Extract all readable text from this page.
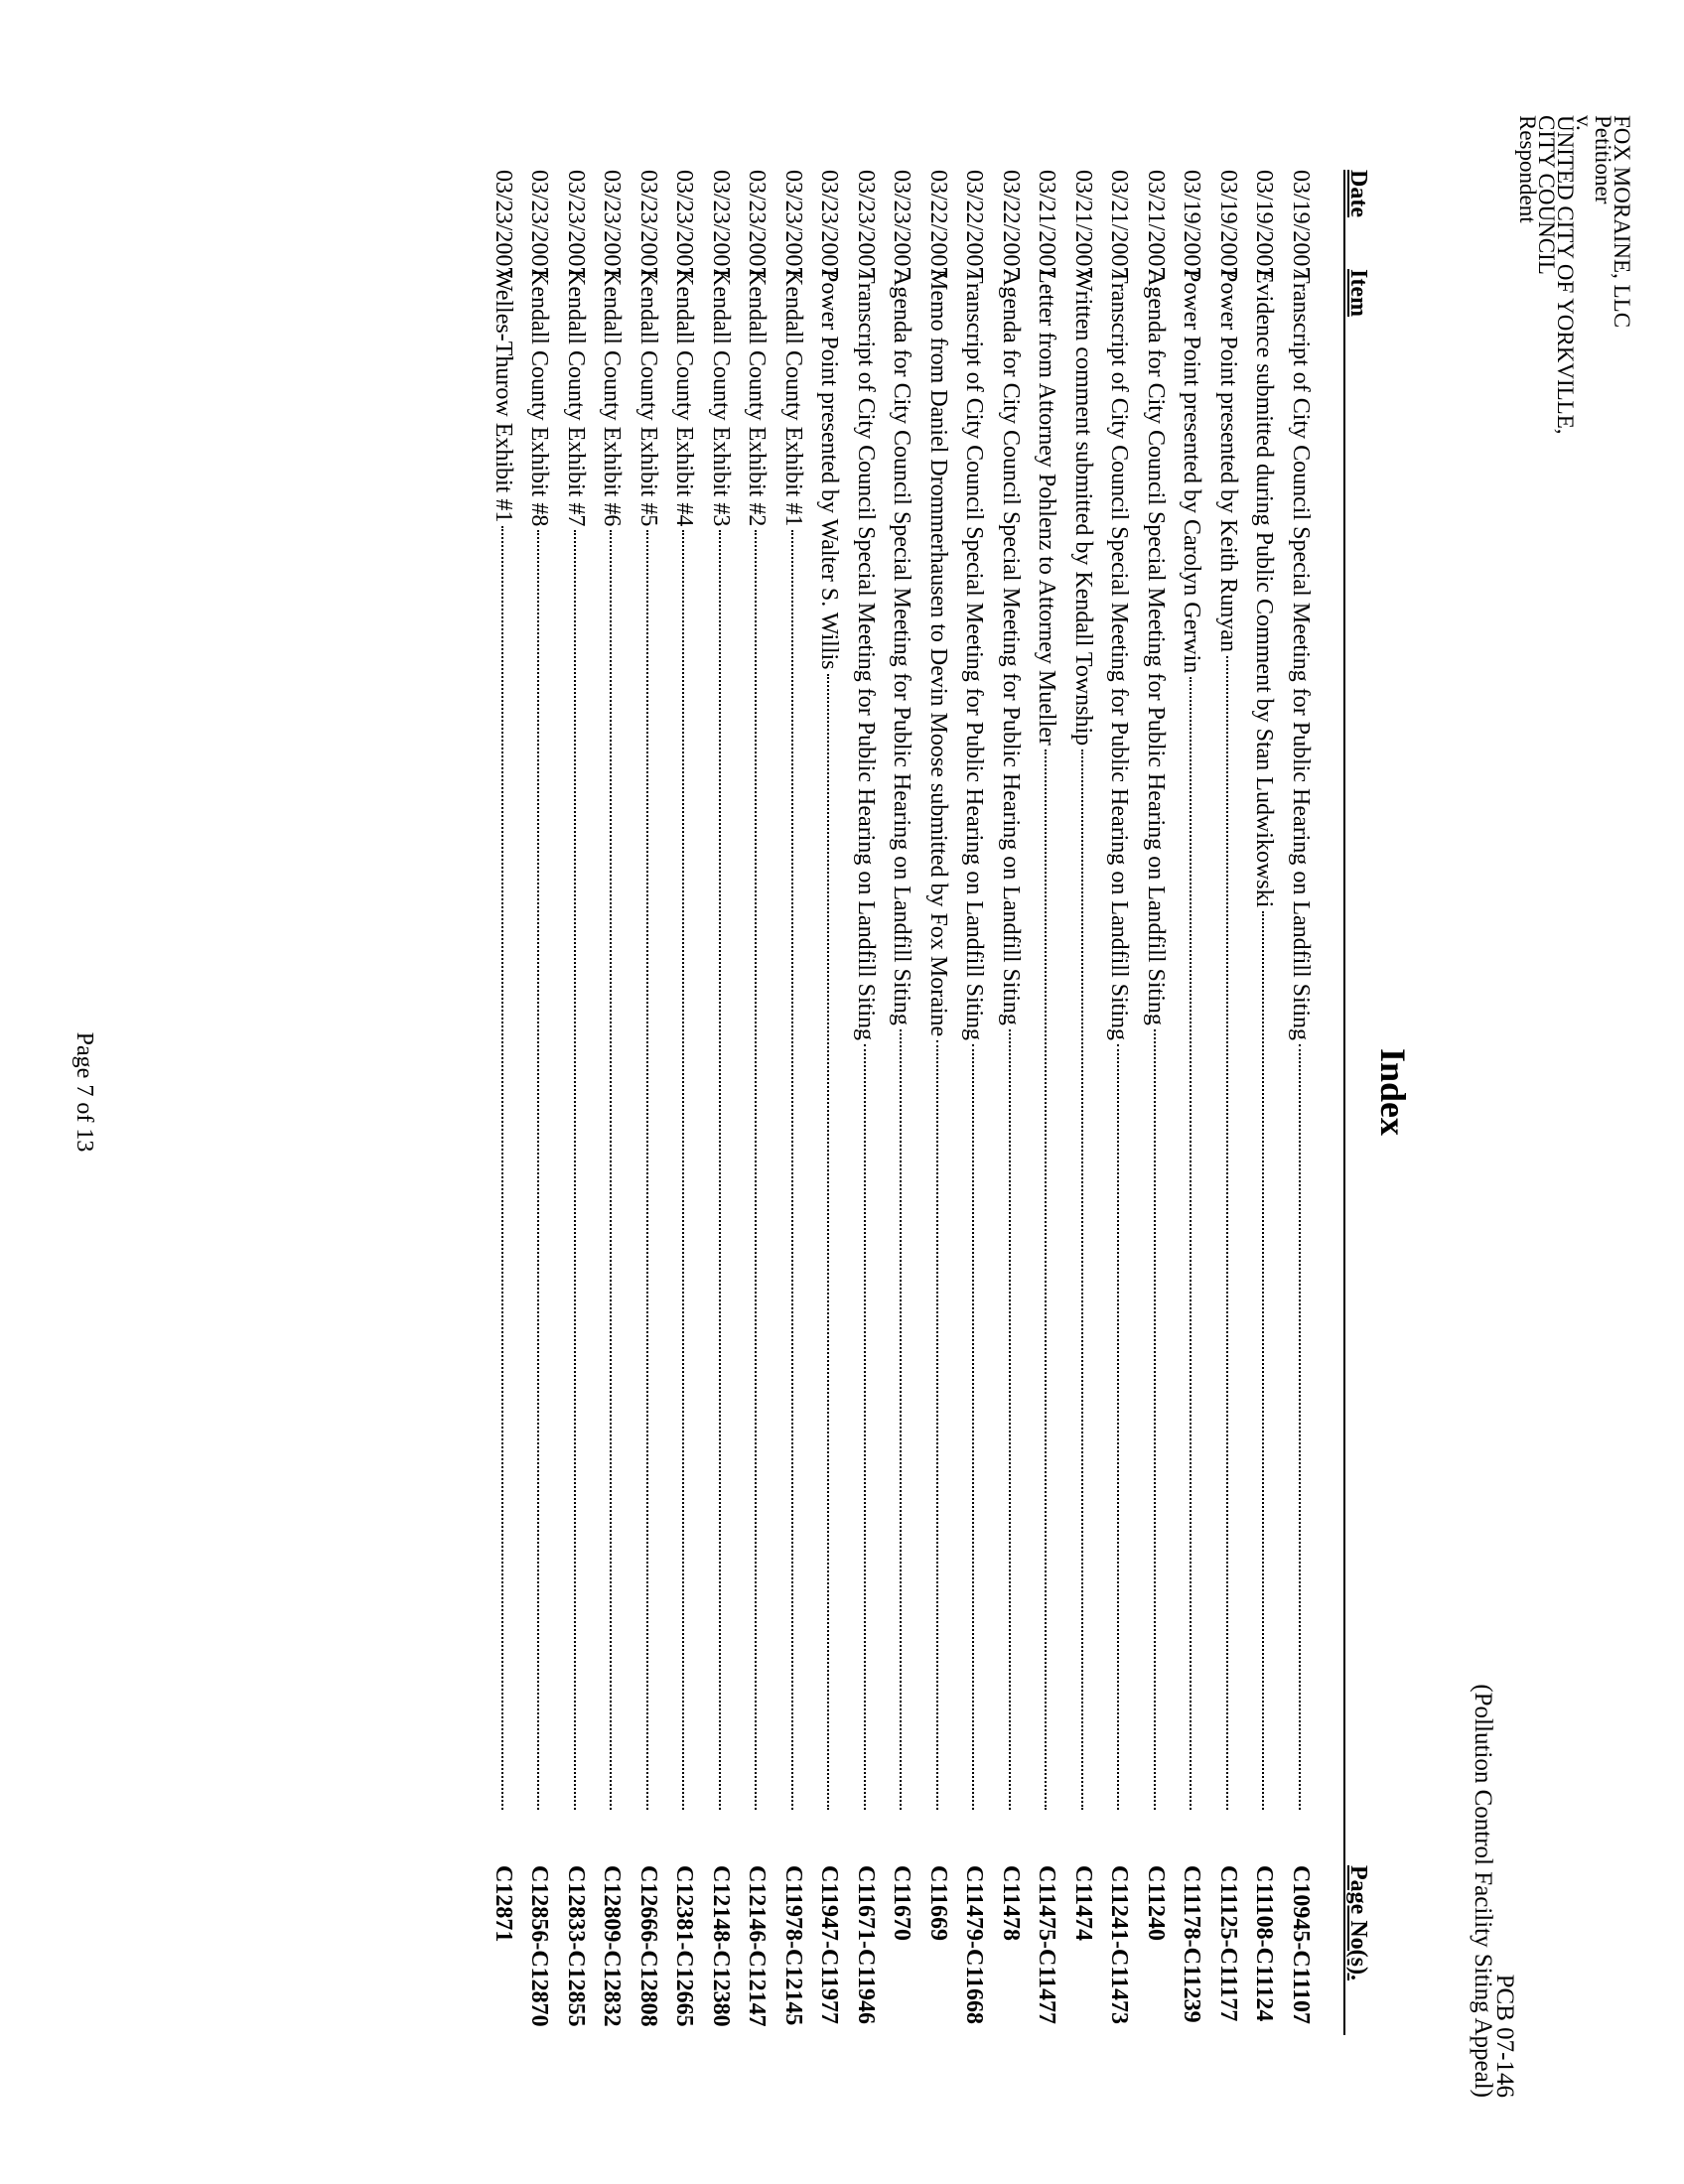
FOX MORAINE, LLC
Petitioner
v.
UNITED CITY OF YORKVILLE,
CITY COUNCIL
Respondent
PCB 07-146
(Pollution Control Facility Siting Appeal)
Index
Date
Item
Page No(s).
03/19/2007
Transcript of City Council Special Meeting for Public Hearing on Landfill Siting
C10945-C11107
03/19/2007
Evidence submitted during Public Comment by Stan Ludwikowski
C11108-C11124
03/19/2007
Power Point presented by Keith Runyan
C11125-C11177
03/19/2007
Power Point presented by Carolyn Gerwin
C11178-C11239
03/21/2007
Agenda for City Council Special Meeting for Public Hearing on Landfill Siting
C11240
03/21/2007
Transcript of City Council Special Meeting for Public Hearing on Landfill Siting
C11241-C11473
03/21/2007
Written comment submitted by Kendall Township
C11474
03/21/2007
Letter from Attorney Pohlenz to Attorney Mueller
C11475-C11477
03/22/2007
Agenda for City Council Special Meeting for Public Hearing on Landfill Siting
C11478
03/22/2007
Transcript of City Council Special Meeting for Public Hearing on Landfill Siting
C11479-C11668
03/22/2007
Memo from Daniel Drommerhausen to Devin Moose submitted by Fox Moraine
C11669
03/23/2007
Agenda for City Council Special Meeting for Public Hearing on Landfill Siting
C11670
03/23/2007
Transcript of City Council Special Meeting for Public Hearing on Landfill Siting
C11671-C11946
03/23/2007
Power Point presented by Walter S. Willis
C11947-C11977
03/23/2007
Kendall County Exhibit #1
C11978-C12145
03/23/2007
Kendall County Exhibit #2
C12146-C12147
03/23/2007
Kendall County Exhibit #3
C12148-C12380
03/23/2007
Kendall County Exhibit #4
C12381-C12665
03/23/2007
Kendall County Exhibit #5
C12666-C12808
03/23/2007
Kendall County Exhibit #6
C12809-C12832
03/23/2007
Kendall County Exhibit #7
C12833-C12855
03/23/2007
Kendall County Exhibit #8
C12856-C12870
03/23/2007
Welles-Thurow Exhibit #1
C12871
Page 7 of 13
